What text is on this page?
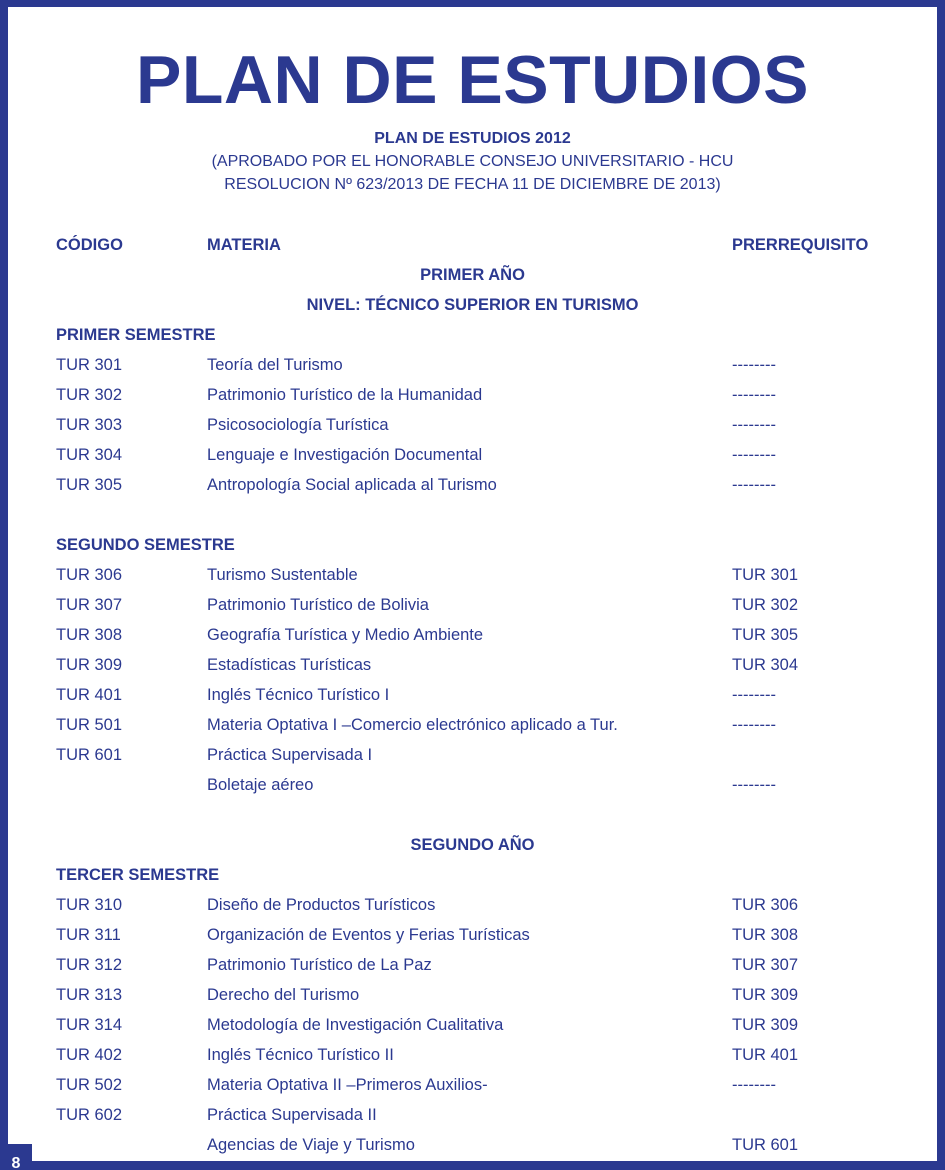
8
PLAN DE ESTUDIOS
PLAN DE ESTUDIOS 2012
(APROBADO POR EL HONORABLE CONSEJO UNIVERSITARIO - HCU
RESOLUCION Nº 623/2013 DE FECHA 11 DE DICIEMBRE DE 2013)
CÓDIGO	MATERIA	PRERREQUISITO
PRIMER AÑO
NIVEL: TÉCNICO SUPERIOR EN TURISMO
PRIMER SEMESTRE
TUR 301	Teoría del Turismo	--------
TUR 302	Patrimonio Turístico de la Humanidad	--------
TUR 303	Psicosociología Turística	--------
TUR 304	Lenguaje e Investigación Documental	--------
TUR 305	Antropología Social aplicada al Turismo	--------
SEGUNDO SEMESTRE
TUR 306	Turismo Sustentable	TUR 301
TUR 307	Patrimonio Turístico de Bolivia	TUR 302
TUR 308	Geografía Turística y Medio Ambiente	TUR 305
TUR 309	Estadísticas Turísticas	TUR 304
TUR 401	Inglés Técnico Turístico I	--------
TUR 501	Materia Optativa I –Comercio electrónico aplicado a Tur.	--------
TUR 601	Práctica Supervisada I
Boletaje aéreo	--------
SEGUNDO AÑO
TERCER SEMESTRE
TUR 310	Diseño de Productos Turísticos	TUR 306
TUR 311	Organización de Eventos y Ferias Turísticas	TUR 308
TUR 312	Patrimonio Turístico de La Paz	TUR 307
TUR 313	Derecho del Turismo	TUR 309
TUR 314	Metodología de Investigación Cualitativa	TUR 309
TUR 402	Inglés Técnico Turístico II	TUR 401
TUR 502	Materia Optativa II –Primeros Auxilios-	--------
TUR 602	Práctica Supervisada II
Agencias de Viaje y Turismo	TUR 601
